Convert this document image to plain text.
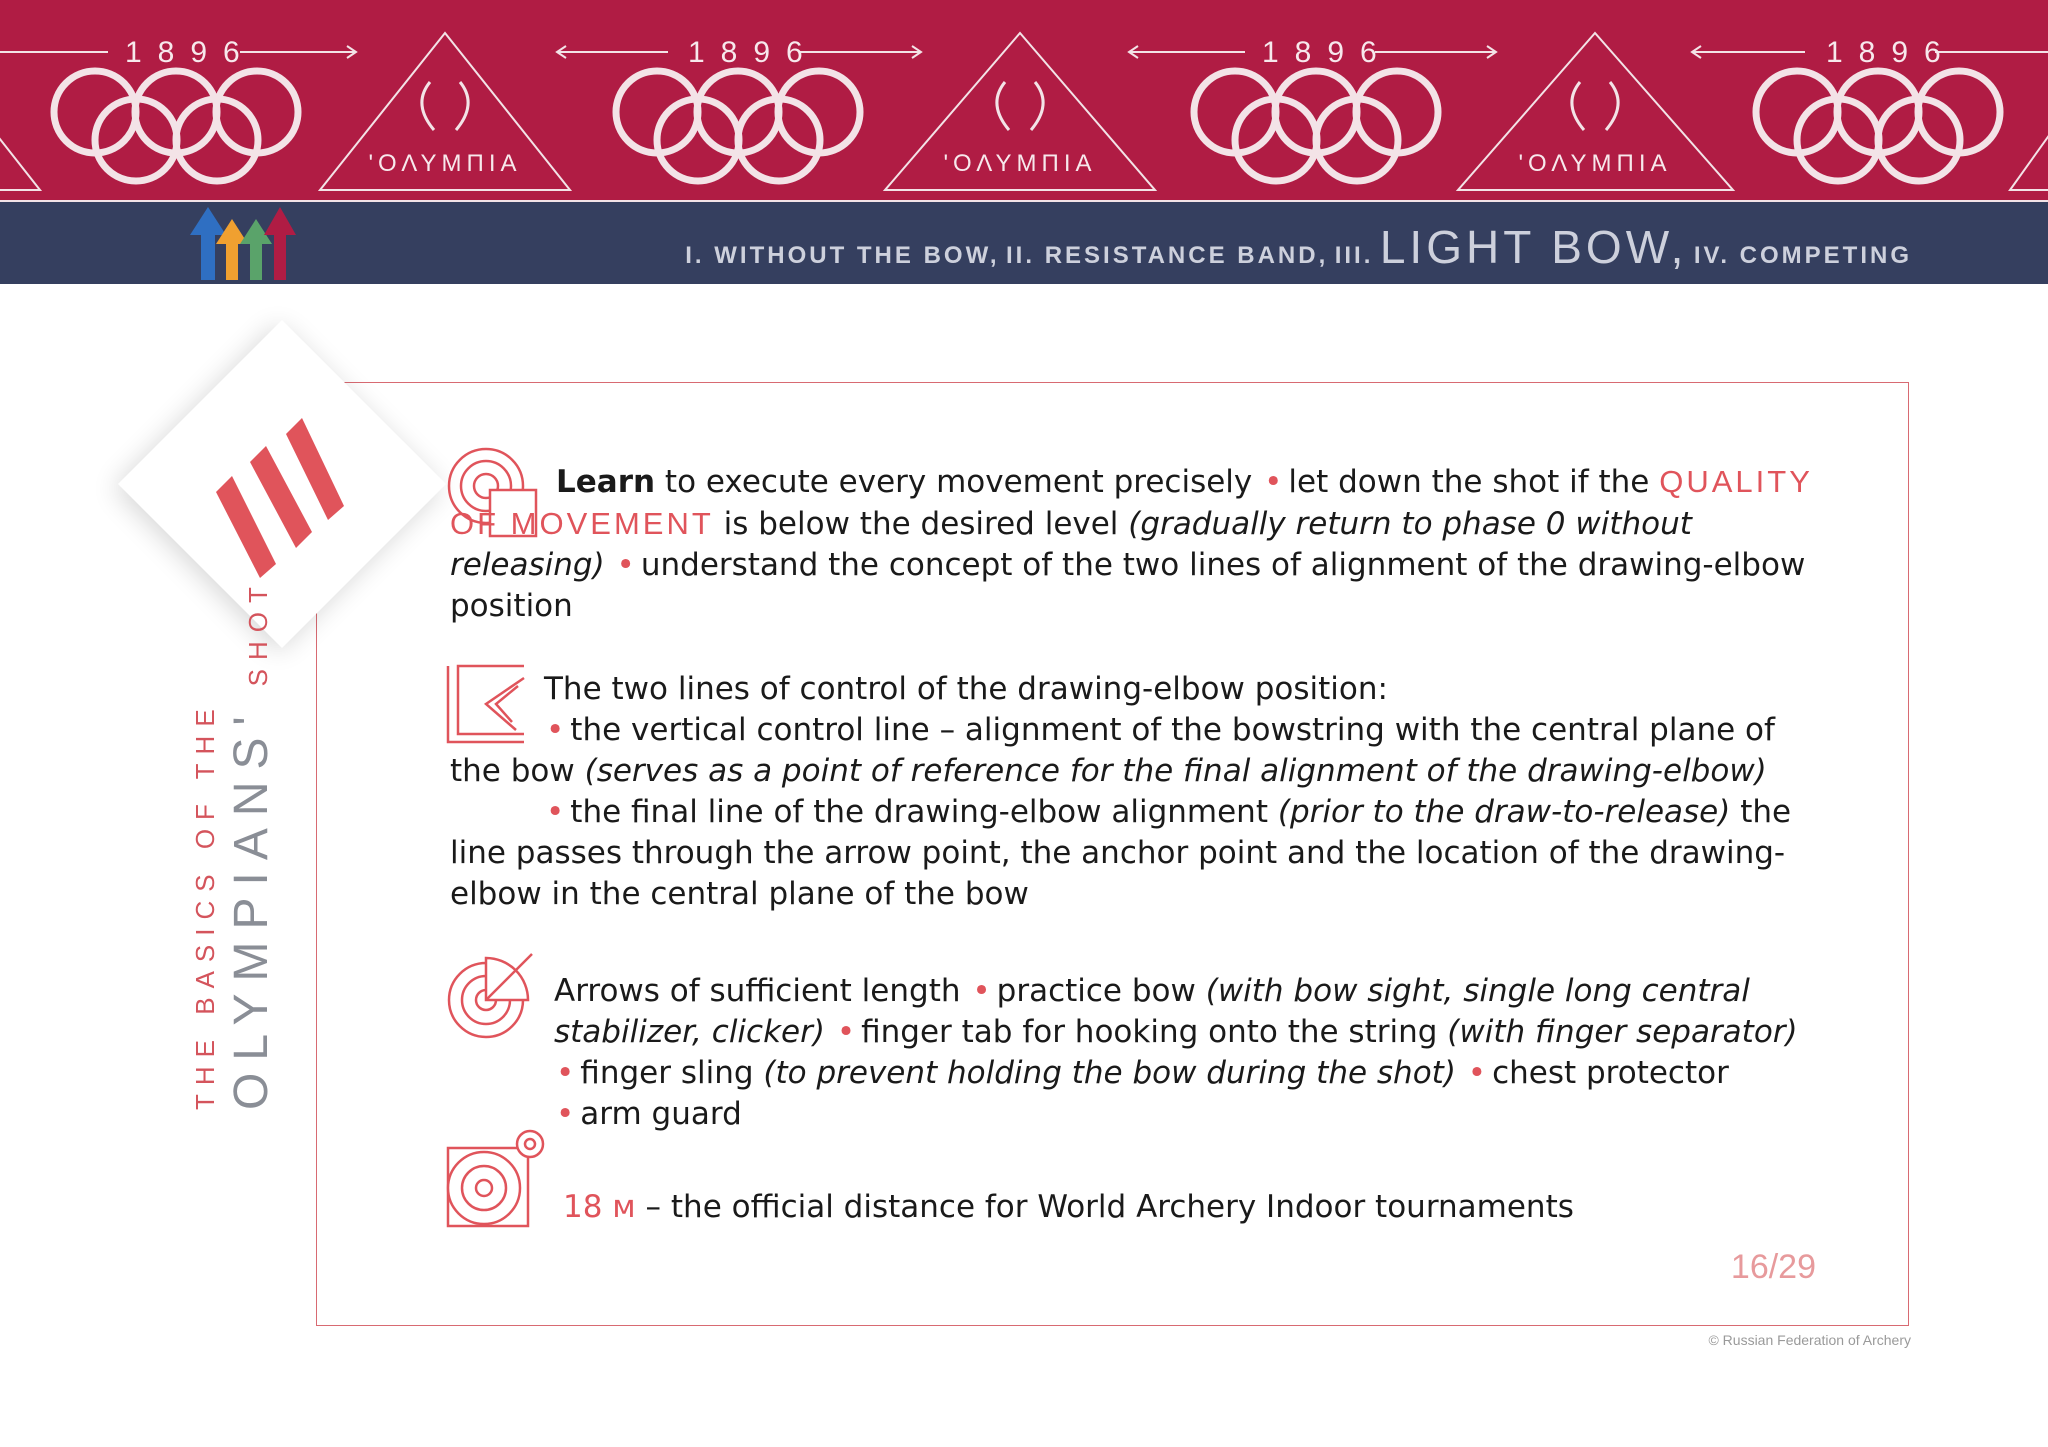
1896	1896	1896	1896
'ΟΛΥΜΠΙΑ	'ΟΛΥΜΠΙΑ	'ΟΛΥΜΠΙΑ
I. WITHOUT THE BOW, II. RESISTANCE BAND, III. LIGHT BOW, IV. COMPETING
THE BASICS OF THE OLYMPIANS'SHOT

Learn to execute every movement precisely • let down the shot if the QUALITY OF MOVEMENT is below the desired level (gradually return to phase 0 without releasing) • understand the concept of the two lines of alignment of the drawing-elbow position

The two lines of control of the drawing-elbow position:

• the vertical control line – alignment of the bowstring with the central plane of the bow (serves as a point of reference for the final alignment of the drawing-elbow)

• the final line of the drawing-elbow alignment (prior to the draw-to-release) the line passes through the arrow point, the anchor point and the location of the drawing-elbow in the central plane of the bow

Arrows of sufficient length • practice bow (with bow sight, single long central stabilizer, clicker) • finger tab for hooking onto the string (with finger separator) • finger sling (to prevent holding the bow during the shot) • chest protector • arm guard

18 м – the official distance for World Archery Indoor tournaments

16/29
© Russian Federation of Archery
